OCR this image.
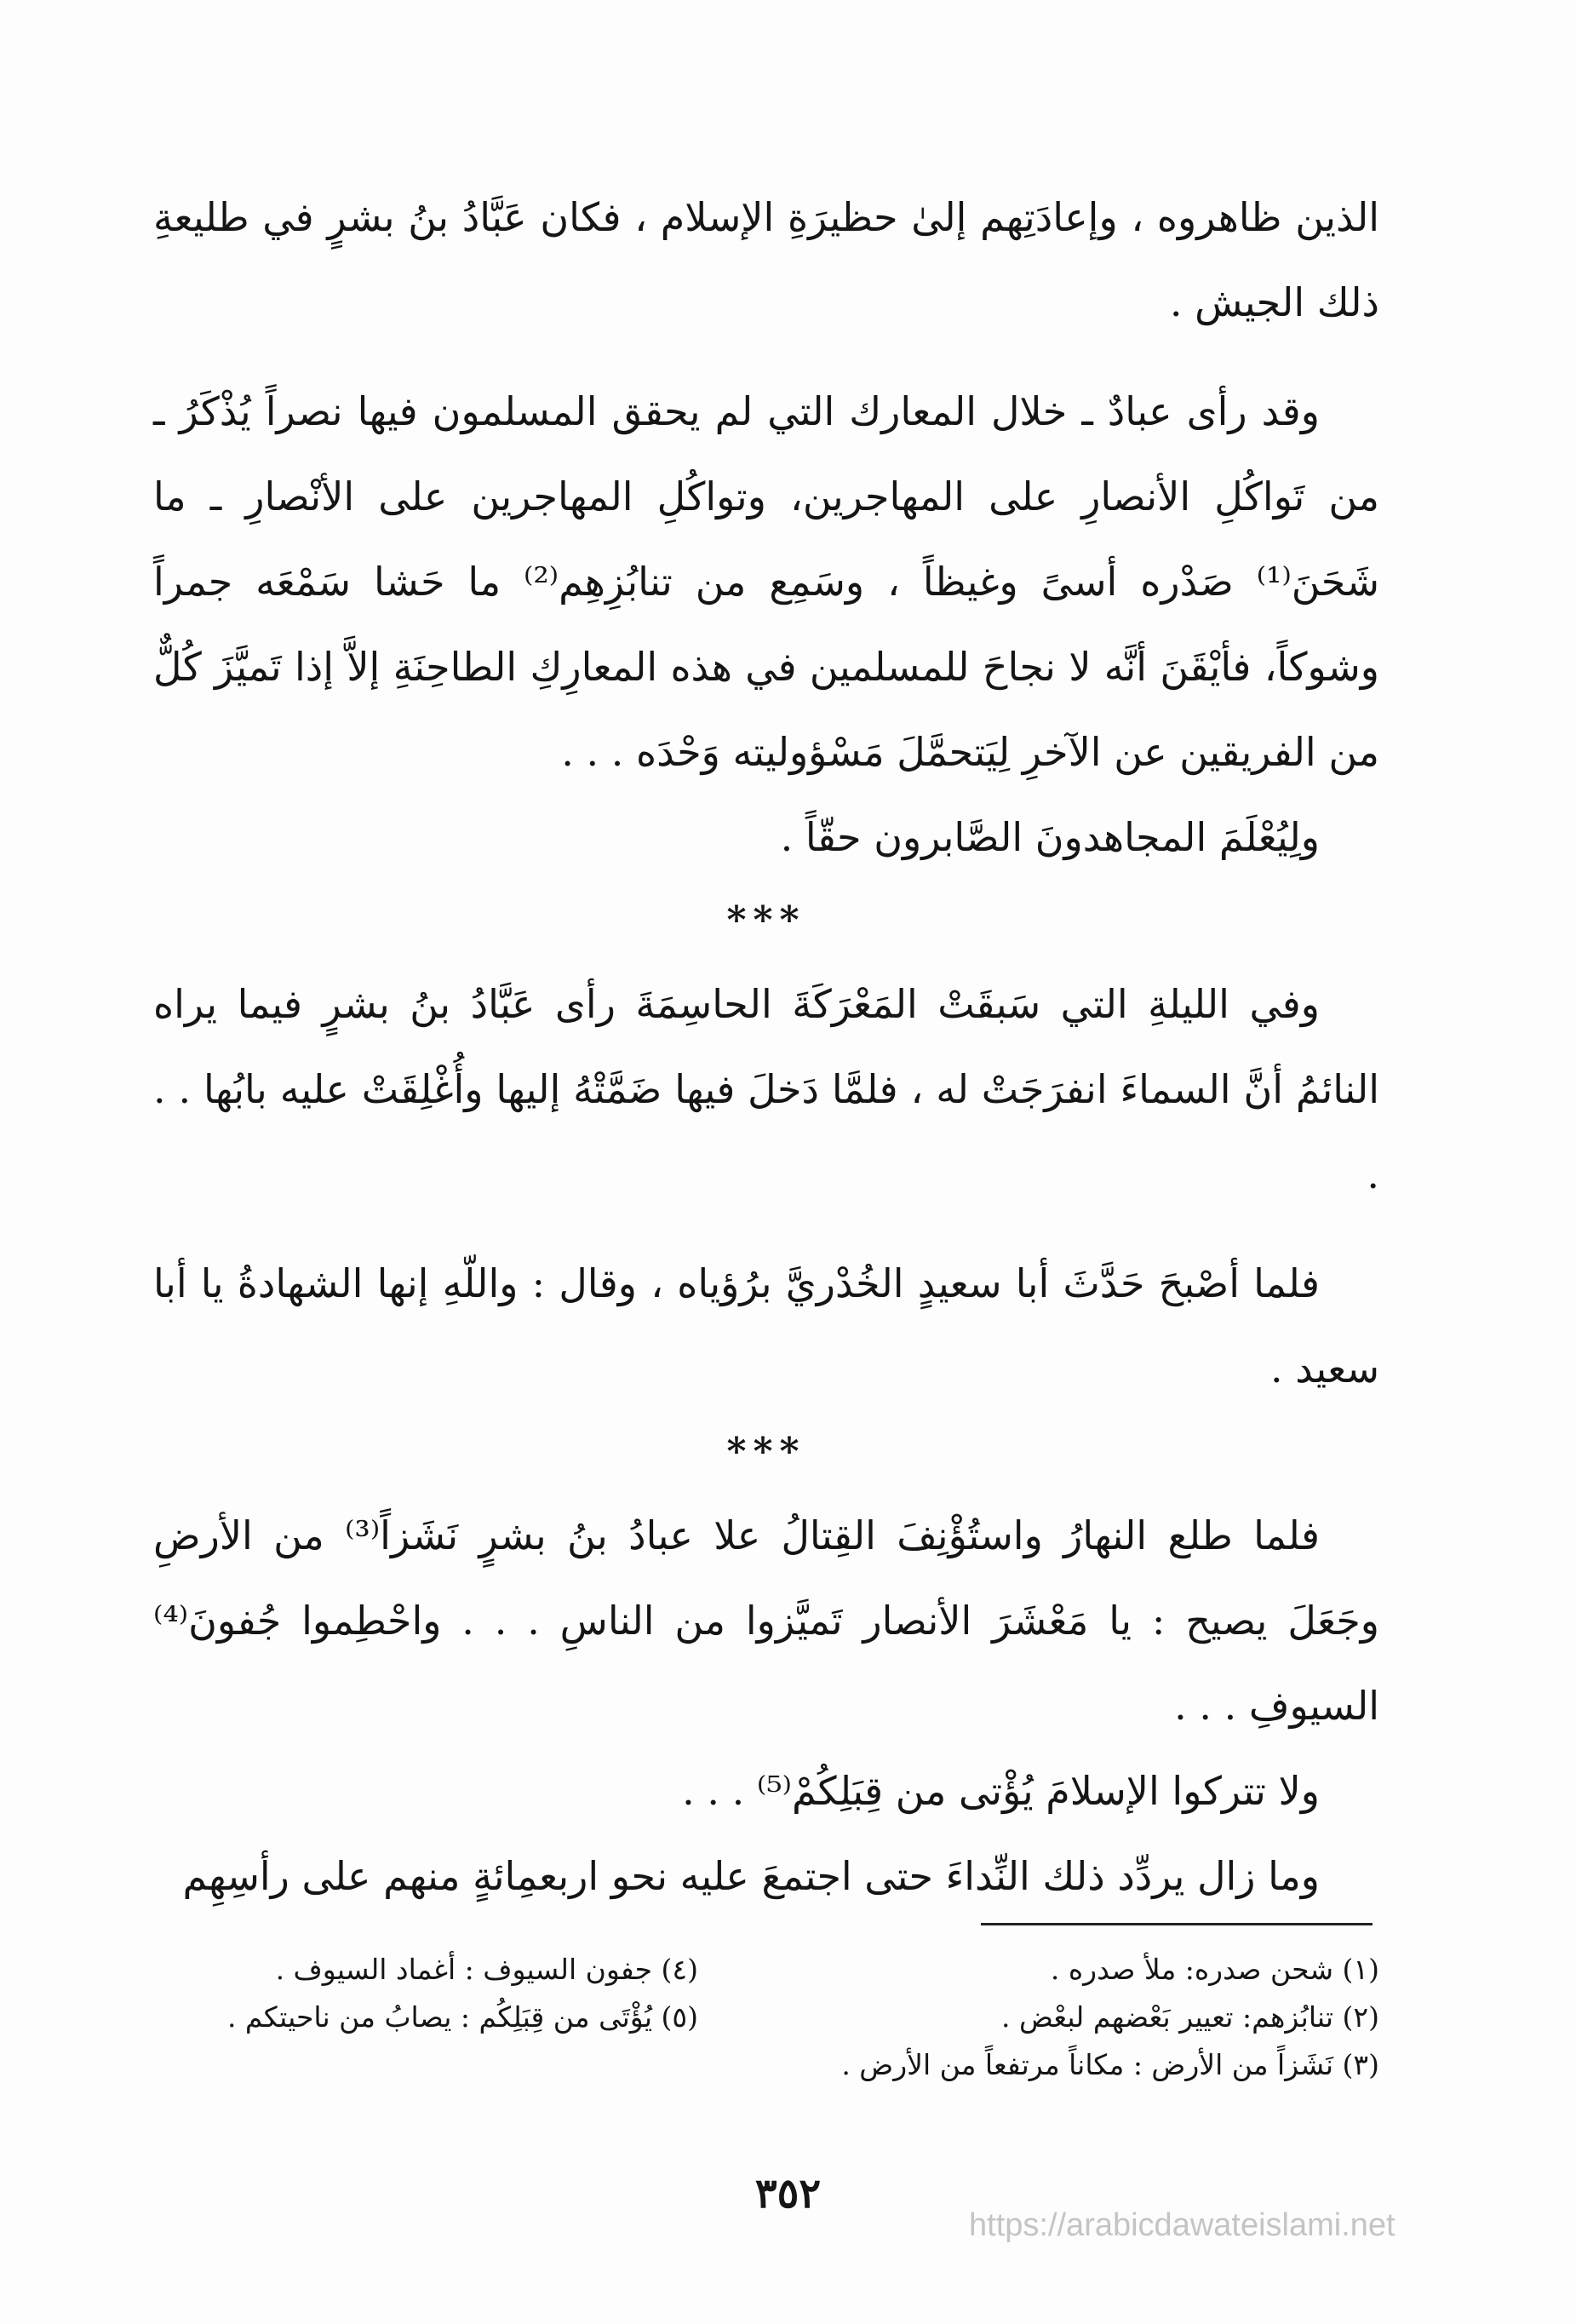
الذين ظاهروه ، وإعادَتِهم إلىٰ حظيرَةِ الإسلام ، فكان عَبَّادُ بنُ بشرٍ في طليعةِ ذلك الجيش .

وقد رأى عبادٌ ـ خلال المعارك التي لم يحقق المسلمون فيها نصراً يُذْكَرُ ـ من تَواكُلِ الأنصارِ على المهاجرين، وتواكُلِ المهاجرين على الأنْصارِ ـ ما شَحَنَ⁽¹⁾ صَدْره أسىً وغيظاً ، وسَمِع من تنابُزِهِم⁽²⁾ ما حَشا سَمْعَه جمراً وشوكاً، فأيْقَنَ أنَّه لا نجاحَ للمسلمين في هذه المعارِكِ الطاحِنَةِ إلاَّ إذا تَميَّزَ كُلٌّ من الفريقين عن الآخرِ لِيَتحمَّلَ مَسْؤوليته وَحْدَه . . .

ولِيُعْلَمَ المجاهدونَ الصَّابرون حقّاً .

***

وفي الليلةِ التي سَبقَتْ المَعْرَكَةَ الحاسِمَةَ رأى عَبَّادُ بنُ بشرٍ فيما يراه النائمُ أنَّ السماءَ انفرَجَتْ له ، فلمَّا دَخلَ فيها ضَمَّتْهُ إليها وأُغْلِقَتْ عليه بابُها . . .

فلما أصْبحَ حَدَّثَ أبا سعيدٍ الخُدْريَّ برُؤياه ، وقال : واللّهِ إنها الشهادةُ يا أبا سعيد .

***

فلما طلع النهارُ واستُؤْنِفَ القِتالُ علا عبادُ بنُ بشرٍ نَشَزاً⁽³⁾ من الأرضِ وجَعَلَ يصيح : يا مَعْشَرَ الأنصار تَميَّزوا من الناسِ . . . واحْطِموا جُفونَ⁽⁴⁾ السيوفِ . . .

ولا تتركوا الإسلامَ يُؤْتى من قِبَلِكُمْ⁽⁵⁾ . . .

وما زال يردِّد ذلك النِّداءَ حتى اجتمعَ عليه نحو اربعمِائةٍ منهم على رأسِهِم

(١) شحن صدره: ملأ صدره .
(٢) تنابُزهم: تعيير بَعْضهم لبعْض .
(٣) نَشَزاً من الأرض : مكاناً مرتفعاً من الأرض .
(٤) جفون السيوف : أغماد السيوف .
(٥) يُؤْتَى من قِبَلِكُم : يصابُ من ناحيتكم .
٣٥٢
https://arabicdawateislami.net
